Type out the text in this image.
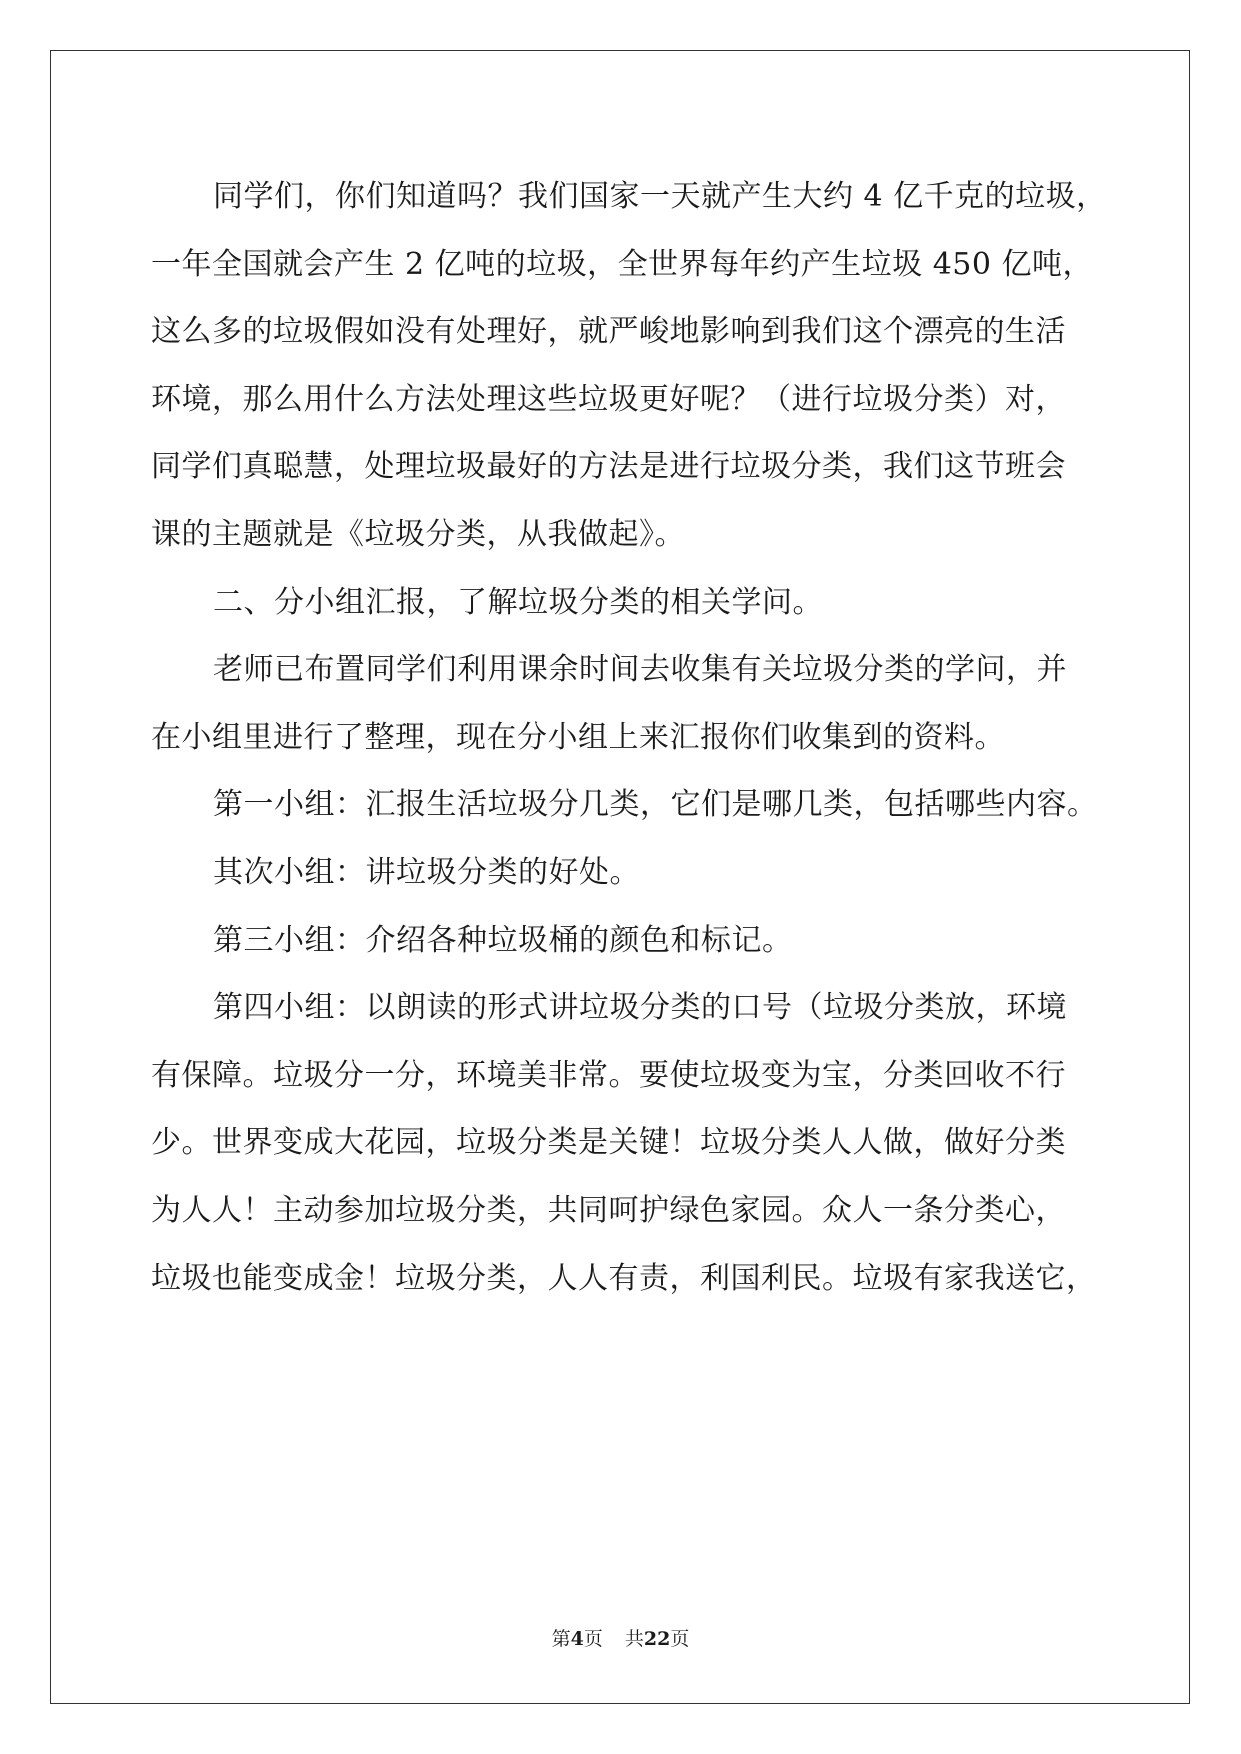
同学们，你们知道吗？我们国家一天就产生大约 4 亿千克的垃圾，
一年全国就会产生 2 亿吨的垃圾，全世界每年约产生垃圾 450 亿吨，
这么多的垃圾假如没有处理好，就严峻地影响到我们这个漂亮的生活
环境，那么用什么方法处理这些垃圾更好呢？（进行垃圾分类）对，
同学们真聪慧，处理垃圾最好的方法是进行垃圾分类，我们这节班会
课的主题就是《垃圾分类，从我做起》。
二、分小组汇报，了解垃圾分类的相关学问。
老师已布置同学们利用课余时间去收集有关垃圾分类的学问，并
在小组里进行了整理，现在分小组上来汇报你们收集到的资料。
第一小组：汇报生活垃圾分几类，它们是哪几类，包括哪些内容。
其次小组：讲垃圾分类的好处。
第三小组：介绍各种垃圾桶的颜色和标记。
第四小组：以朗读的形式讲垃圾分类的口号（垃圾分类放，环境
有保障。垃圾分一分，环境美非常。要使垃圾变为宝，分类回收不行
少。世界变成大花园，垃圾分类是关键！垃圾分类人人做，做好分类
为人人！主动参加垃圾分类，共同呵护绿色家园。众人一条分类心，
垃圾也能变成金！垃圾分类，人人有责，利国利民。垃圾有家我送它，
第4页 共22页
